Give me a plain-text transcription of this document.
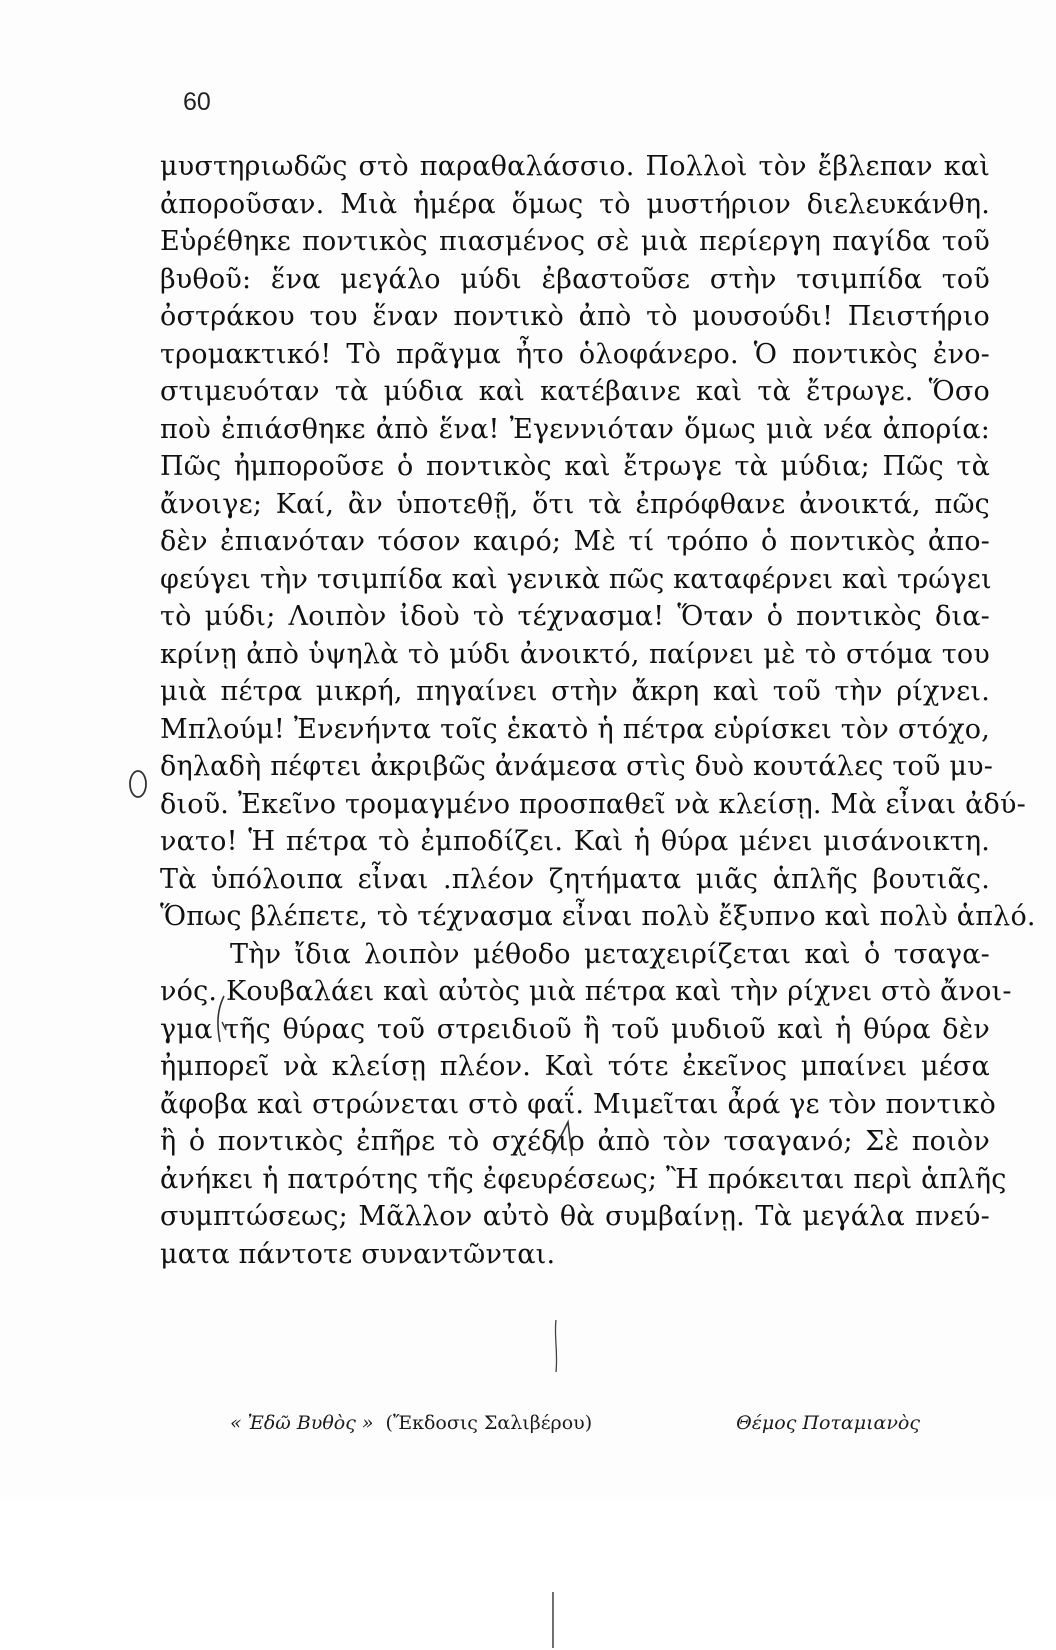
60
μυστηριωδῶς στὸ παραθαλάσσιο. Πολλοὶ τὸν ἔβλεπαν καὶ
ἀποροῦσαν. Μιὰ ἡμέρα ὅμως τὸ μυστήριον διελευκάνθη.
Εὑρέθηκε ποντικὸς πιασμένος σὲ μιὰ περίεργη παγίδα τοῦ
βυθοῦ: ἕνα μεγάλο μύδι ἐβαστοῦσε στὴν τσιμπίδα τοῦ
ὀστράκου του ἕναν ποντικὸ ἀπὸ τὸ μουσούδι! Πειστήριο
τρομακτικό! Τὸ πρᾶγμα ἦτο ὁλοφάνερο. Ὁ ποντικὸς ἐνο-
στιμευόταν τὰ μύδια καὶ κατέβαινε καὶ τὰ ἔτρωγε. Ὅσο
ποὺ ἐπιάσθηκε ἀπὸ ἕνα! Ἐγεννιόταν ὅμως μιὰ νέα ἀπορία:
Πῶς ἠμποροῦσε ὁ ποντικὸς καὶ ἔτρωγε τὰ μύδια; Πῶς τὰ
ἄνοιγε; Καί, ἂν ὑποτεθῇ, ὅτι τὰ ἐπρόφθανε ἀνοικτά, πῶς
δὲν ἐπιανόταν τόσον καιρό; Μὲ τί τρόπο ὁ ποντικὸς ἀπο-
φεύγει τὴν τσιμπίδα καὶ γενικὰ πῶς καταφέρνει καὶ τρώγει
τὸ μύδι; Λοιπὸν ἰδοὺ τὸ τέχνασμα! Ὅταν ὁ ποντικὸς δια-
κρίνῃ ἀπὸ ὑψηλὰ τὸ μύδι ἀνοικτό, παίρνει μὲ τὸ στόμα του
μιὰ πέτρα μικρή, πηγαίνει στὴν ἄκρη καὶ τοῦ τὴν ρίχνει.
Μπλούμ! Ἐνενήντα τοῖς ἑκατὸ ἡ πέτρα εὑρίσκει τὸν στόχο,
δηλαδὴ πέφτει ἀκριβῶς ἀνάμεσα στὶς δυὸ κουτάλες τοῦ μυ-
διοῦ. Ἐκεῖνο τρομαγμένο προσπαθεῖ νὰ κλείσῃ. Μὰ εἶναι ἀδύ-
νατο! Ἡ πέτρα τὸ ἐμποδίζει. Καὶ ἡ θύρα μένει μισάνοικτη.
Τὰ ὑπόλοιπα εἶναι .πλέον ζητήματα μιᾶς ἁπλῆς βουτιᾶς.
Ὅπως βλέπετε, τὸ τέχνασμα εἶναι πολὺ ἔξυπνο καὶ πολὺ ἁπλό.
Τὴν ἴδια λοιπὸν μέθοδο μεταχειρίζεται καὶ ὁ τσαγα-
νός. Κουβαλάει καὶ αὐτὸς μιὰ πέτρα καὶ τὴν ρίχνει στὸ ἄνοι-
γμα τῆς θύρας τοῦ στρειδιοῦ ἢ τοῦ μυδιοῦ καὶ ἡ θύρα δὲν
ἠμπορεῖ νὰ κλείσῃ πλέον. Καὶ τότε ἐκεῖνος μπαίνει μέσα
ἄφοβα καὶ στρώνεται στὸ φαΐ. Μιμεῖται ἆρά γε τὸν ποντικὸ
ἢ ὁ ποντικὸς ἐπῆρε τὸ σχέδιο ἀπὸ τὸν τσαγανό; Σὲ ποιὸν
ἀνήκει ἡ πατρότης τῆς ἐφευρέσεως; Ἢ πρόκειται περὶ ἁπλῆς
συμπτώσεως; Μᾶλλον αὐτὸ θὰ συμβαίνῃ. Τὰ μεγάλα πνεύ-
ματα πάντοτε συναντῶνται.
« Ἐδῶ Βυθὸς » (Ἔκδοσις Σαλιβέρου)	Θέμος Ποταμιανὸς
